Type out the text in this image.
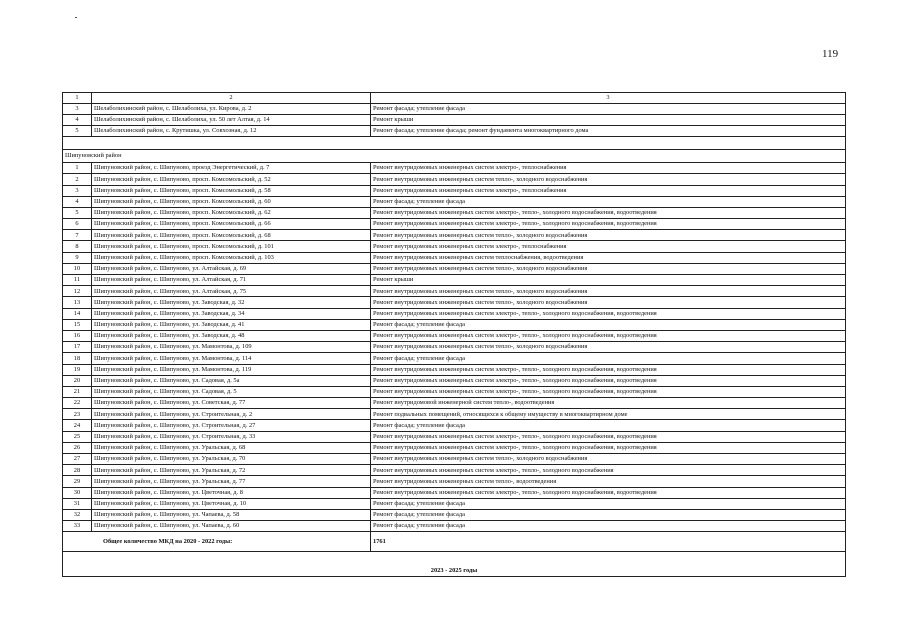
119
1	2	3
3	Шелаболихинский район, с. Шелаболиха, ул. Кирова, д. 2	Ремонт фасада; утепление фасада
4	Шелаболихинский район, с. Шелаболиха, ул. 50 лет Алтая, д. 14	Ремонт крыши
5	Шелаболихинский район, с. Крутишка, ул. Совхозная, д. 12	Ремонт фасада; утепление фасада; ремонт фундамента многоквартирного дома

Шипуновский район		
1	Шипуновский район, с. Шипуново, проезд Энергетический, д. 7	Ремонт внутридомовых инженерных систем электро-, теплоснабжения
2	Шипуновский район, с. Шипуново, просп. Комсомольский, д. 52	Ремонт внутридомовых инженерных систем тепло-, холодного водоснабжения
3	Шипуновский район, с. Шипуново, просп. Комсомольский, д. 58	Ремонт внутридомовых инженерных систем электро-, теплоснабжения
4	Шипуновский район, с. Шипуново, просп. Комсомольский, д. 60	Ремонт фасада; утепление фасада
5	Шипуновский район, с. Шипуново, просп. Комсомольский, д. 62	Ремонт внутридомовых инженерных систем электро-, тепло-, холодного водоснабжения, водоотведения
6	Шипуновский район, с. Шипуново, просп. Комсомольский, д. 66	Ремонт внутридомовых инженерных систем электро-, тепло-, холодного водоснабжения, водоотведения
7	Шипуновский район, с. Шипуново, просп. Комсомольский, д. 68	Ремонт внутридомовых инженерных систем тепло-, холодного водоснабжения
8	Шипуновский район, с. Шипуново, просп. Комсомольский, д. 101	Ремонт внутридомовых инженерных систем электро-, теплоснабжения
9	Шипуновский район, с. Шипуново, просп. Комсомольский, д. 103	Ремонт внутридомовых инженерных систем теплоснабжения, водоотведения
10	Шипуновский район, с. Шипуново, ул. Алтайская, д. 69	Ремонт внутридомовых инженерных систем тепло-, холодного водоснабжения
11	Шипуновский район, с. Шипуново, ул. Алтайская, д. 71	Ремонт крыши
12	Шипуновский район, с. Шипуново, ул. Алтайская, д. 75	Ремонт внутридомовых инженерных систем тепло-, холодного водоснабжения
13	Шипуновский район, с. Шипуново, ул. Заводская, д. 32	Ремонт внутридомовых инженерных систем тепло-, холодного водоснабжения
14	Шипуновский район, с. Шипуново, ул. Заводская, д. 34	Ремонт внутридомовых инженерных систем электро-, тепло-, холодного водоснабжения, водоотведения
15	Шипуновский район, с. Шипуново, ул. Заводская, д. 41	Ремонт фасада; утепление фасада
16	Шипуновский район, с. Шипуново, ул. Заводская, д. 48	Ремонт внутридомовых инженерных систем электро-, тепло-, холодного водоснабжения, водоотведения
17	Шипуновский район, с. Шипуново, ул. Мамонтова, д. 109	Ремонт внутридомовых инженерных систем тепло-, холодного водоснабжения
18	Шипуновский район, с. Шипуново, ул. Мамонтова, д. 114	Ремонт фасада; утепление фасада
19	Шипуновский район, с. Шипуново, ул. Мамонтова, д. 119	Ремонт внутридомовых инженерных систем электро-, тепло-, холодного водоснабжения, водоотведения
20	Шипуновский район, с. Шипуново, ул. Садовая, д. 5а	Ремонт внутридомовых инженерных систем электро-, тепло-, холодного водоснабжения, водоотведения
21	Шипуновский район, с. Шипуново, ул. Садовая, д. 5	Ремонт внутридомовых инженерных систем электро-, тепло-, холодного водоснабжения, водоотведения
22	Шипуновский район, с. Шипуново, ул. Советская, д. 77	Ремонт внутридомовой инженерной систем тепло-, водоотведения
23	Шипуновский район, с. Шипуново, ул. Строительная, д. 2	Ремонт подвальных помещений, относящихся к общему имуществу в многоквартирном доме
24	Шипуновский район, с. Шипуново, ул. Строительная, д. 27	Ремонт фасада; утепление фасада
25	Шипуновский район, с. Шипуново, ул. Строительная, д. 33	Ремонт внутридомовых инженерных систем электро-, тепло-, холодного водоснабжения, водоотведения
26	Шипуновский район, с. Шипуново, ул. Уральская, д. 68	Ремонт внутридомовых инженерных систем электро-, тепло-, холодного водоснабжения, водоотведения
27	Шипуновский район, с. Шипуново, ул. Уральская, д. 70	Ремонт внутридомовых инженерных систем тепло-, холодного водоснабжения
28	Шипуновский район, с. Шипуново, ул. Уральская, д. 72	Ремонт внутридомовых инженерных систем электро-, тепло-, холодного водоснабжения
29	Шипуновский район, с. Шипуново, ул. Уральская, д. 77	Ремонт внутридомовых инженерных систем тепло-, водоотведения
30	Шипуновский район, с. Шипуново, ул. Цветочная, д. 8	Ремонт внутридомовых инженерных систем электро-, тепло-, холодного водоснабжения, водоотведения
31	Шипуновский район, с. Шипуново, ул. Цветочная, д. 10	Ремонт фасада; утепление фасада
32	Шипуновский район, с. Шипуново, ул. Чапаева, д. 58	Ремонт фасада; утепление фасада
33	Шипуновский район, с. Шипуново, ул. Чапаева, д. 60	Ремонт фасада; утепление фасада
Общее количество МКД на 2020 - 2022 годы:		1761
2023 - 2025 годы		
